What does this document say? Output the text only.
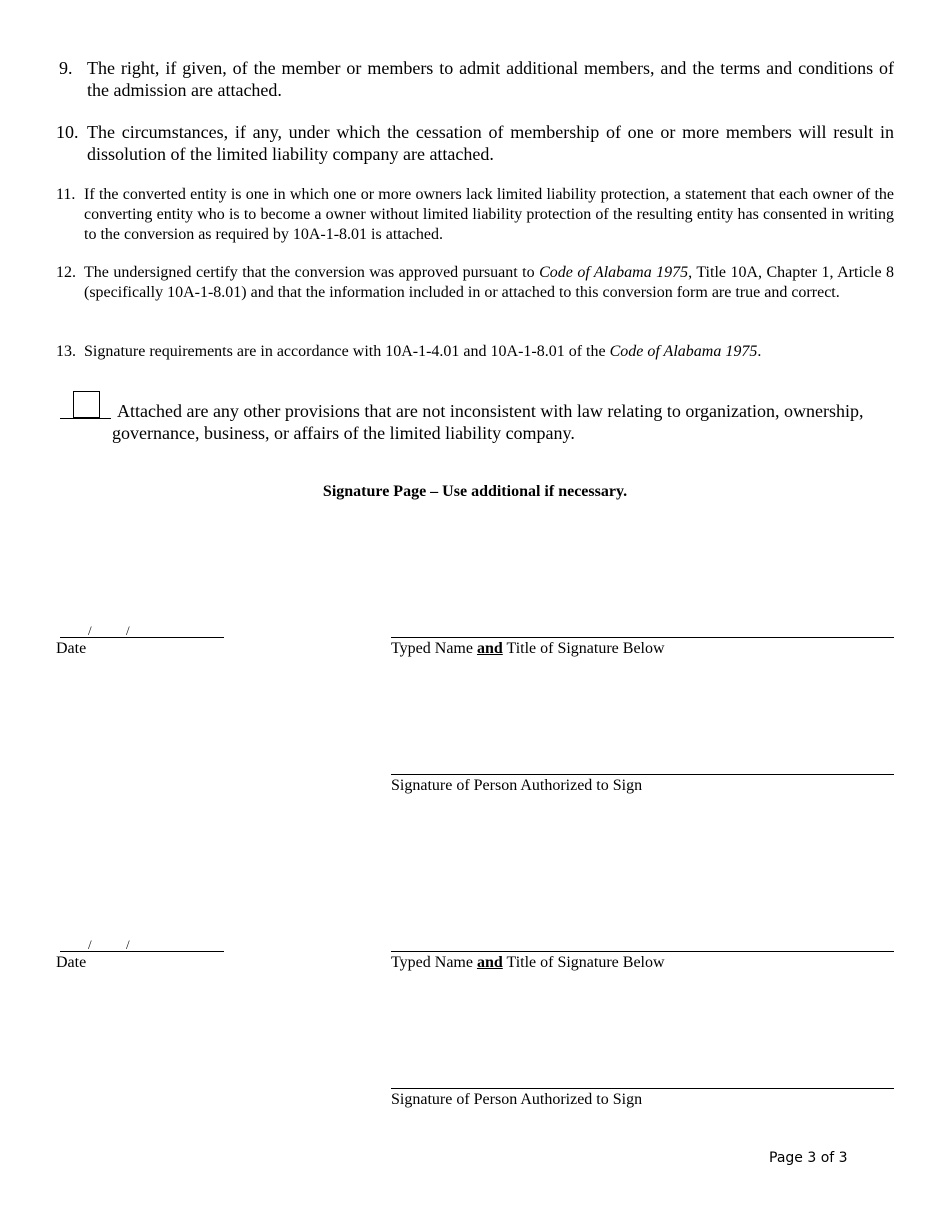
9. The right, if given, of the member or members to admit additional members, and the terms and conditions of the admission are attached.
10. The circumstances, if any, under which the cessation of membership of one or more members will result in dissolution of the limited liability company are attached.
11. If the converted entity is one in which one or more owners lack limited liability protection, a statement that each owner of the converting entity who is to become a owner without limited liability protection of the resulting entity has consented in writing to the conversion as required by 10A-1-8.01 is attached.
12. The undersigned certify that the conversion was approved pursuant to Code of Alabama 1975, Title 10A, Chapter 1, Article 8 (specifically 10A-1-8.01) and that the information included in or attached to this conversion form are true and correct.
13. Signature requirements are in accordance with 10A-1-4.01 and 10A-1-8.01 of the Code of Alabama 1975.
Attached are any other provisions that are not inconsistent with law relating to organization, ownership,
governance, business, or affairs of the limited liability company.
Signature Page – Use additional if necessary.
/	/
Date	Typed Name and Title of Signature Below
Signature of Person Authorized to Sign
/	/
Date	Typed Name and Title of Signature Below
Signature of Person Authorized to Sign
Page 3 of 3
